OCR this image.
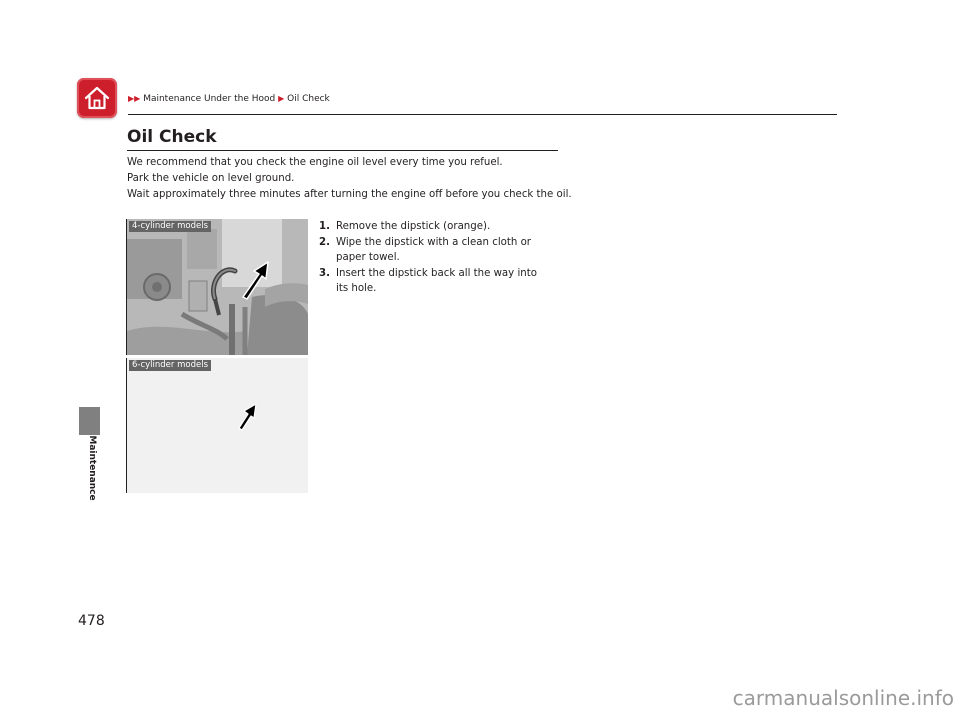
▶▶ Maintenance Under the Hood ▶ Oil Check
Maintenance
478
Oil Check

We recommend that you check the engine oil level every time you refuel.

Park the vehicle on level ground.

Wait approximately three minutes after turning the engine off before you check the oil.

1. Remove the dipstick (orange).
2. Wipe the dipstick with a clean cloth or paper towel.
3. Insert the dipstick back all the way into its hole.
4-cylinder models
6-cylinder models
carmanualsonline.info
